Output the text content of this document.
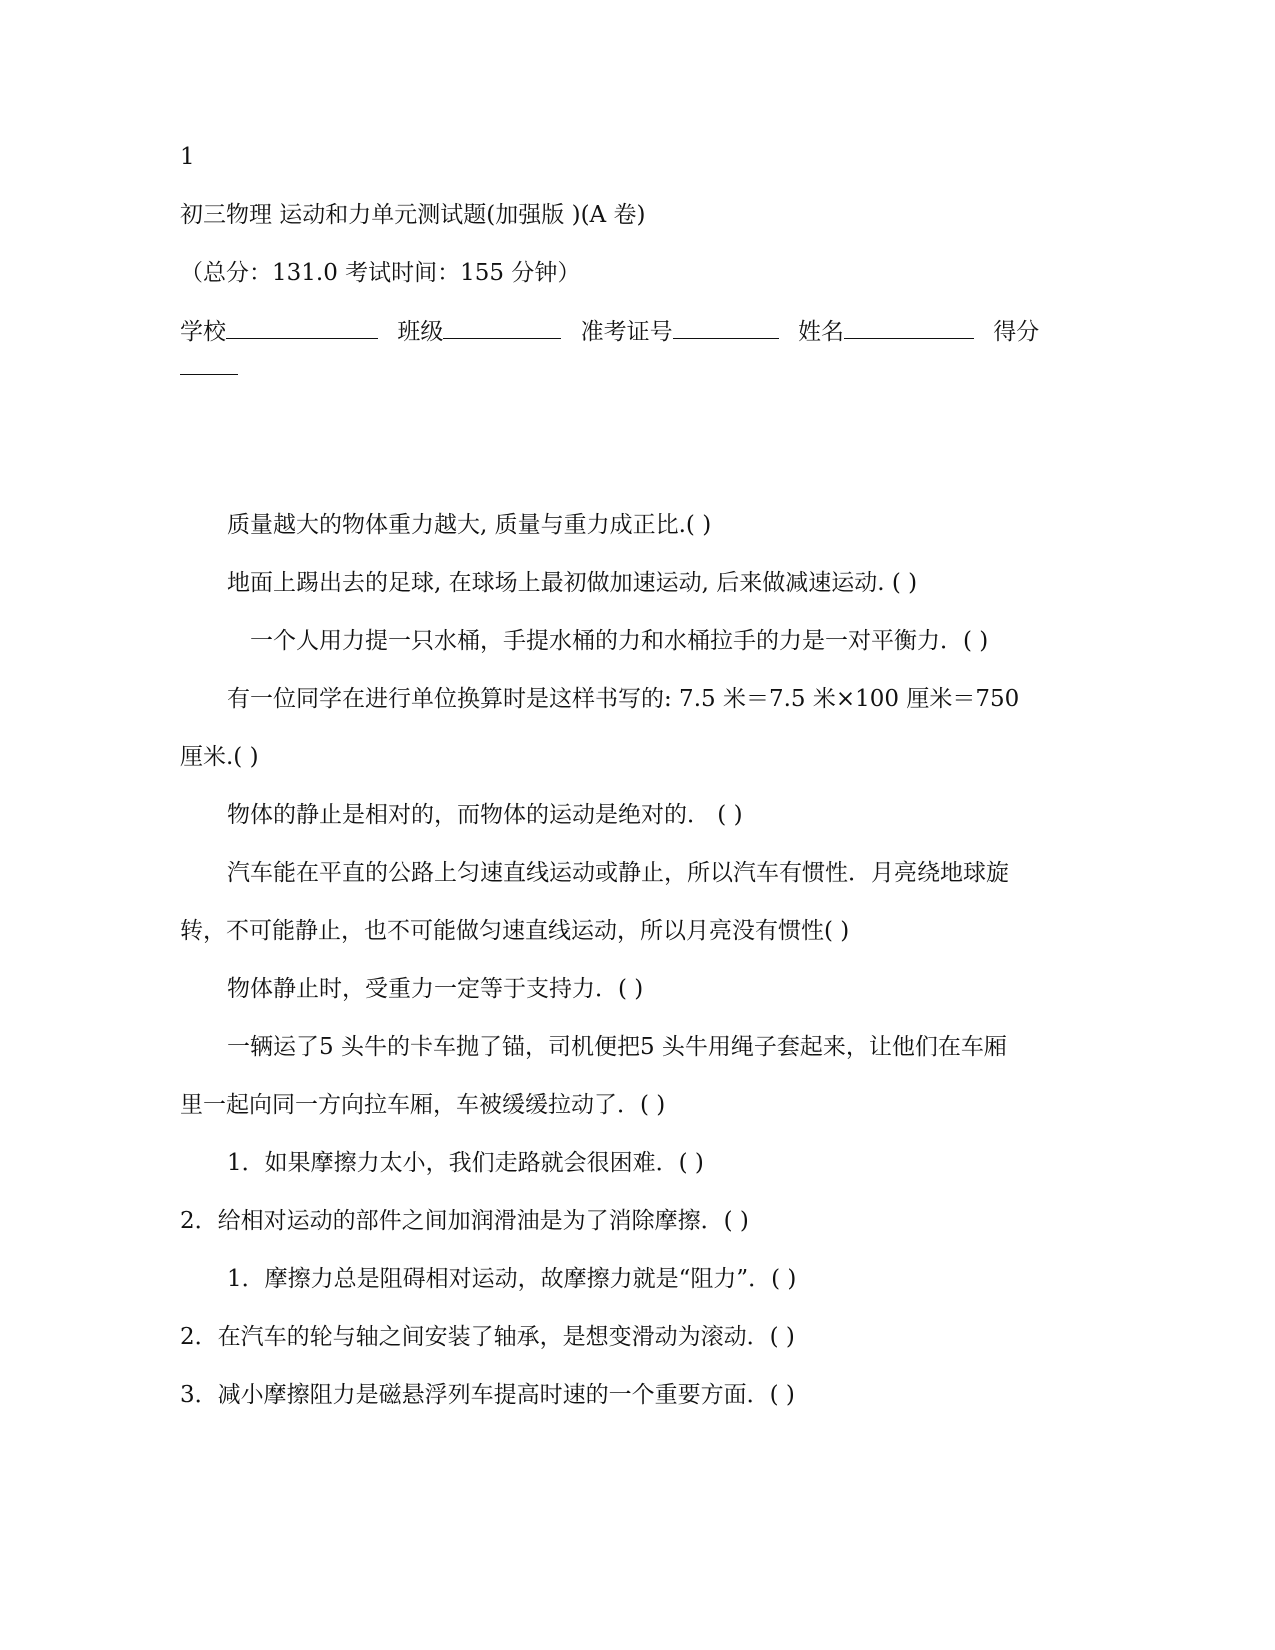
1
初三物理 运动和力单元测试题(加强版 )(A 卷)
（总分：131.0 考试时间：155 分钟）
学校	班级	准考证号	姓名	得分
质量越大的物体重力越大, 质量与重力成正比.( )
地面上踢出去的足球, 在球场上最初做加速运动, 后来做减速运动. ( )
一个人用力提一只水桶，手提水桶的力和水桶拉手的力是一对平衡力．( )
有一位同学在进行单位换算时是这样书写的: 7.5 米＝7.5 米×100 厘米＝750
厘米.( )
物体的静止是相对的，而物体的运动是绝对的． ( )
汽车能在平直的公路上匀速直线运动或静止，所以汽车有惯性．月亮绕地球旋
转，不可能静止，也不可能做匀速直线运动，所以月亮没有惯性( )
物体静止时，受重力一定等于支持力．( )
一辆运了5 头牛的卡车抛了锚，司机便把5 头牛用绳子套起来，让他们在车厢
里一起向同一方向拉车厢，车被缓缓拉动了．( )
1．如果摩擦力太小，我们走路就会很困难．( )
2．给相对运动的部件之间加润滑油是为了消除摩擦．( )
1．摩擦力总是阻碍相对运动，故摩擦力就是“阻力”．( )
2．在汽车的轮与轴之间安装了轴承，是想变滑动为滚动．( )
3．减小摩擦阻力是磁悬浮列车提高时速的一个重要方面．( )
